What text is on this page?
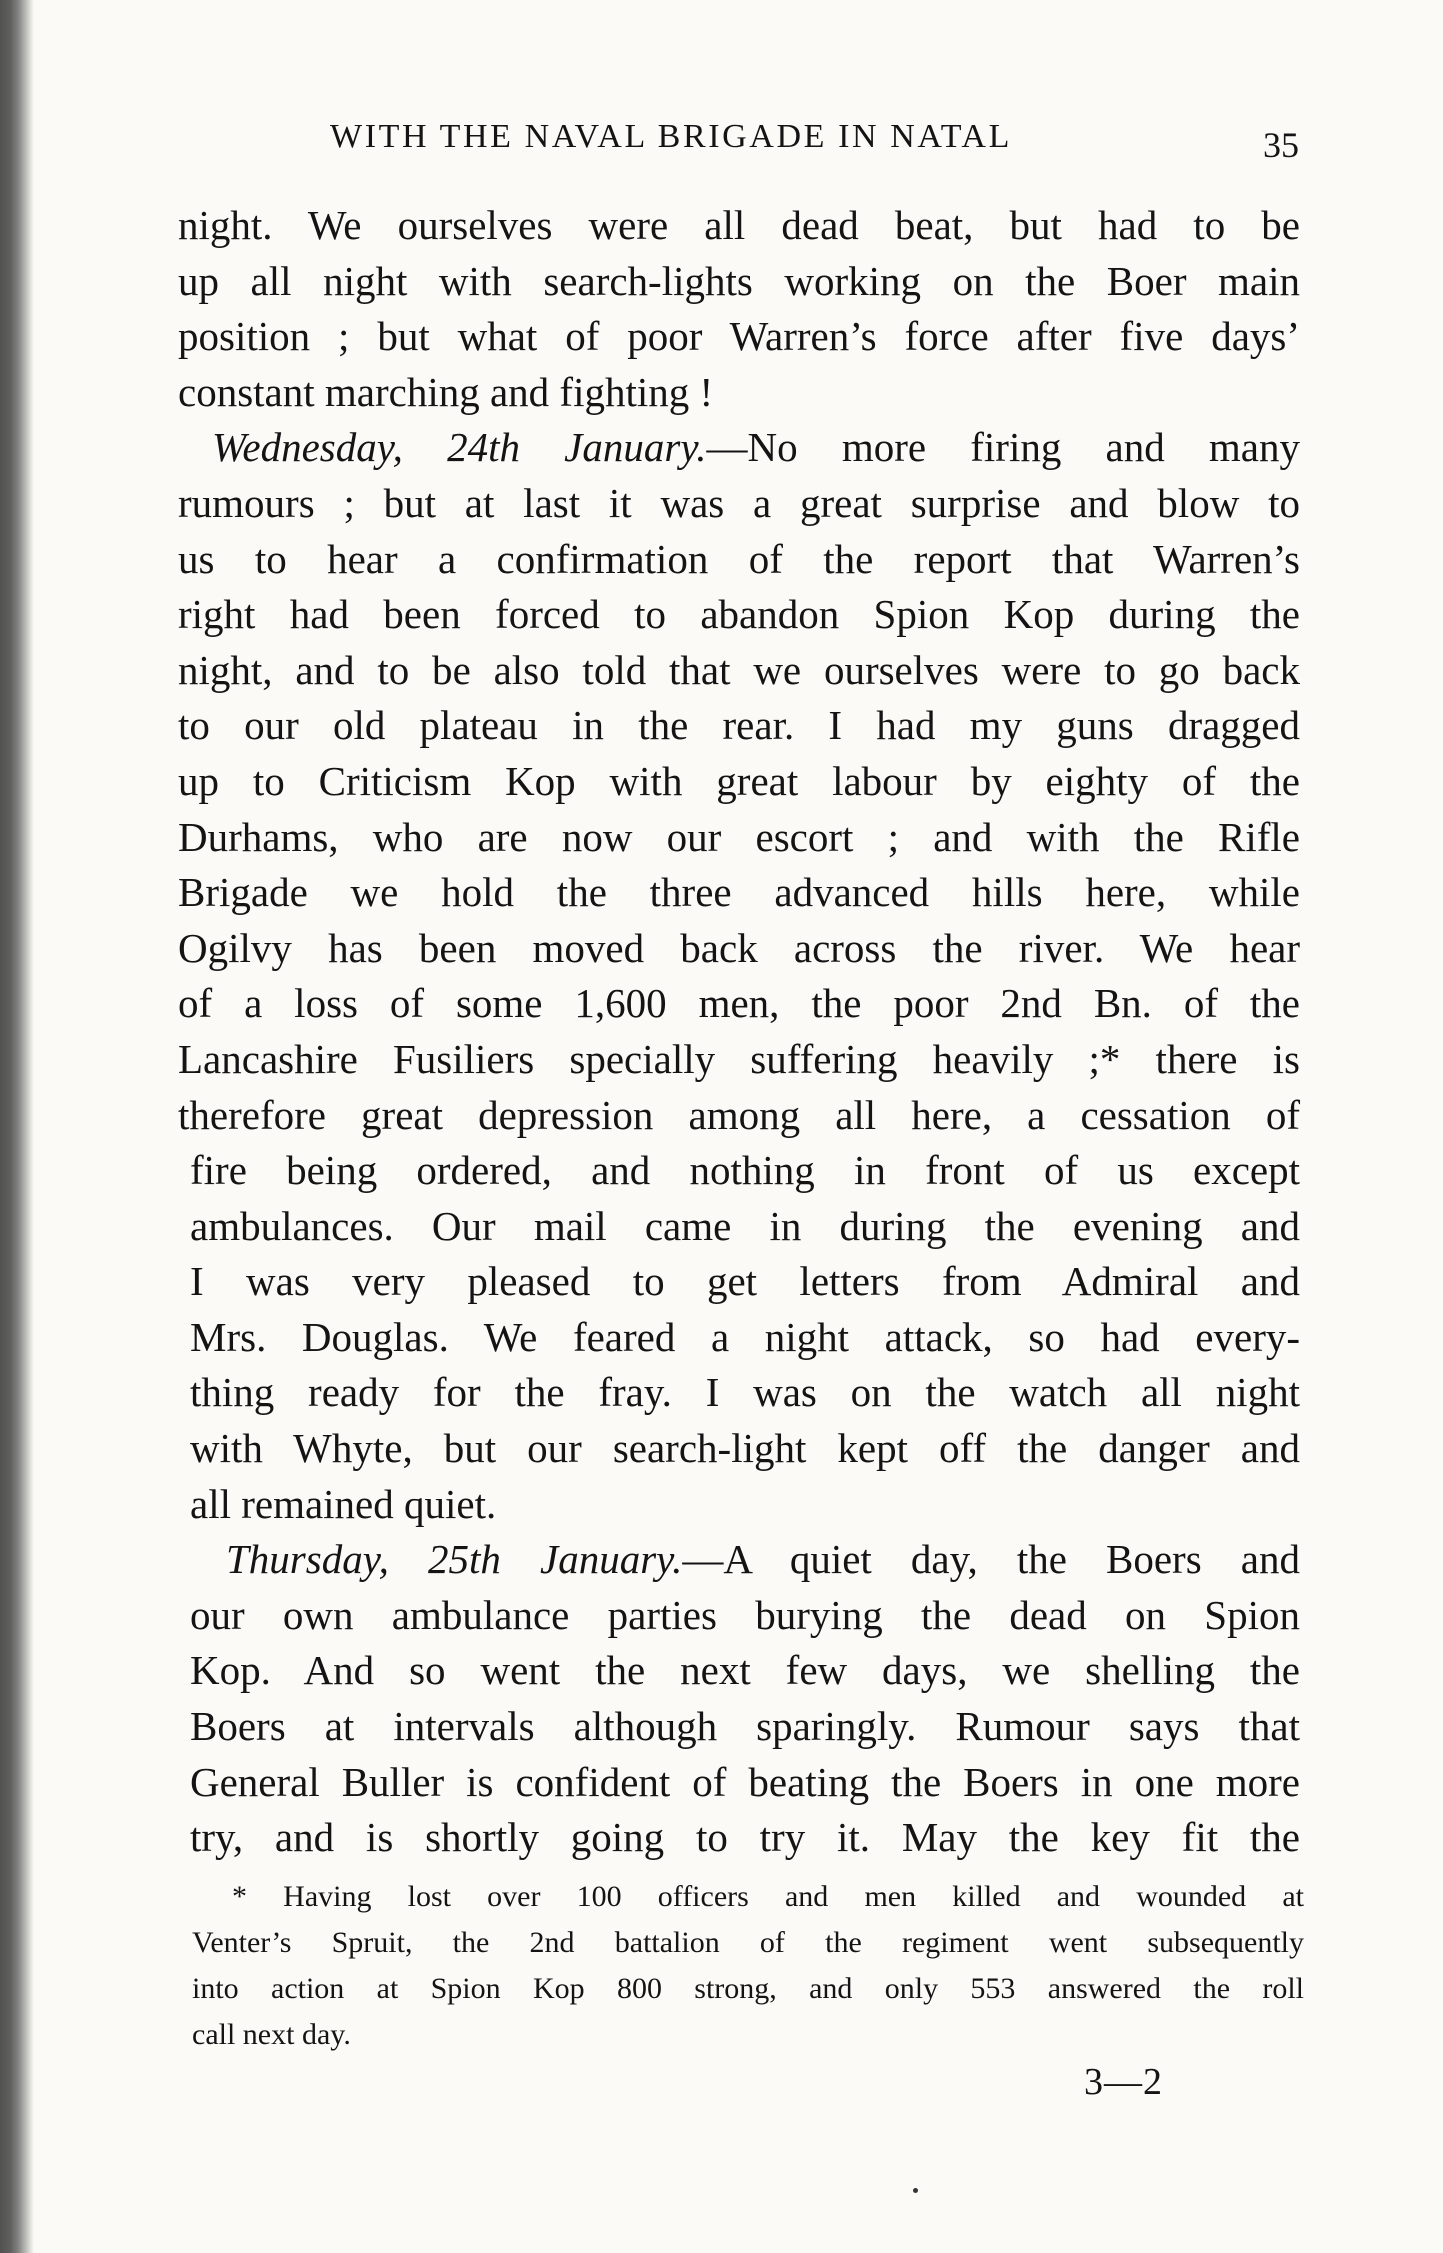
WITH THE NAVAL BRIGADE IN NATAL	35
night. We ourselves were all dead beat, but had to be
up all night with search-lights working on the Boer main
position ; but what of poor Warren’s force after five days’
constant marching and fighting !
Wednesday, 24th January.—No more firing and many
rumours ; but at last it was a great surprise and blow to
us to hear a confirmation of the report that Warren’s
right had been forced to abandon Spion Kop during the
night, and to be also told that we ourselves were to go back
to our old plateau in the rear. I had my guns dragged
up to Criticism Kop with great labour by eighty of the
Durhams, who are now our escort ; and with the Rifle
Brigade we hold the three advanced hills here, while
Ogilvy has been moved back across the river. We hear
of a loss of some 1,600 men, the poor 2nd Bn. of the
Lancashire Fusiliers specially suffering heavily ;* there is
therefore great depression among all here, a cessation of
fire being ordered, and nothing in front of us except
ambulances. Our mail came in during the evening and
I was very pleased to get letters from Admiral and
Mrs. Douglas. We feared a night attack, so had every-
thing ready for the fray. I was on the watch all night
with Whyte, but our search-light kept off the danger and
all remained quiet.
Thursday, 25th January.—A quiet day, the Boers and
our own ambulance parties burying the dead on Spion
Kop. And so went the next few days, we shelling the
Boers at intervals although sparingly. Rumour says that
General Buller is confident of beating the Boers in one more
try, and is shortly going to try it. May the key fit the
* Having lost over 100 officers and men killed and wounded at
Venter’s Spruit, the 2nd battalion of the regiment went subsequently
into action at Spion Kop 800 strong, and only 553 answered the roll
call next day.
3—2
